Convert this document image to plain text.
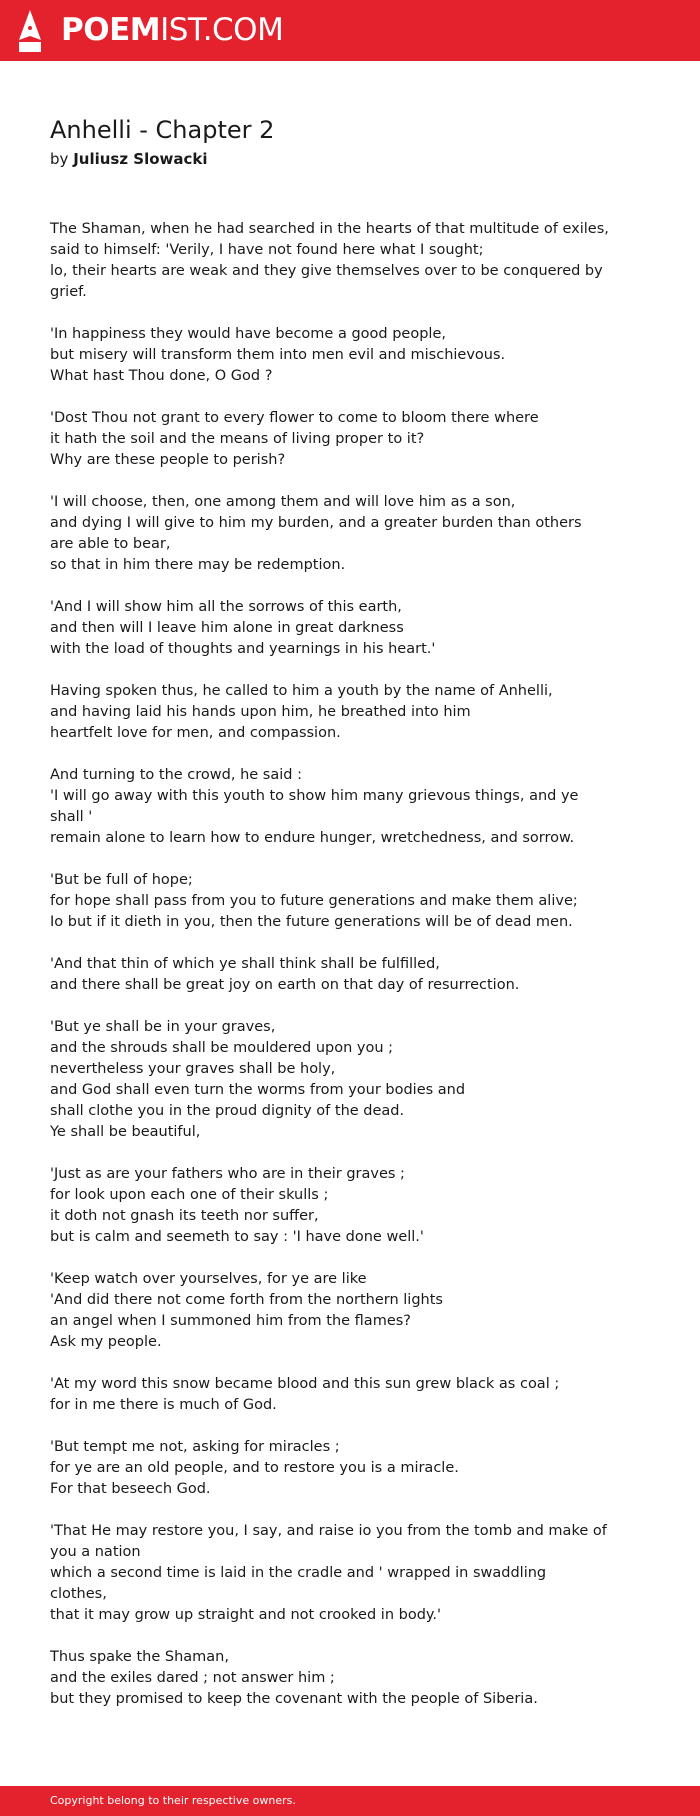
POEMIST.COM
Anhelli - Chapter 2
by Juliusz Slowacki
The Shaman, when he had searched in the hearts of that multitude of exiles,
said to himself: 'Verily, I have not found here what I sought;
lo, their hearts are weak and they give themselves over to be conquered by
grief.
'In happiness they would have become a good people,
but misery will transform them into men evil and mischievous.
What hast Thou done, O God ?
'Dost Thou not grant to every flower to come to bloom there where
it hath the soil and the means of living proper to it?
Why are these people to perish?
'I will choose, then, one among them and will love him as a son,
and dying I will give to him my burden, and a greater burden than others
are able to bear,
so that in him there may be redemption.
'And I will show him all the sorrows of this earth,
and then will I leave him alone in great darkness
with the load of thoughts and yearnings in his heart.'
Having spoken thus, he called to him a youth by the name of Anhelli,
and having laid his hands upon him, he breathed into him
heartfelt love for men, and compassion.
And turning to the crowd, he said :
'I will go away with this youth to show him many grievous things, and ye
shall '
remain alone to learn how to endure hunger, wretchedness, and sorrow.
'But be full of hope;
for hope shall pass from you to future generations and make them alive;
Io but if it dieth in you, then the future generations will be of dead men.
'And that thin of which ye shall think shall be fulfilled,
and there shall be great joy on earth on that day of resurrection.
'But ye shall be in your graves,
and the shrouds shall be mouldered upon you ;
nevertheless your graves shall be holy,
and God shall even turn the worms from your bodies and
shall clothe you in the proud dignity of the dead.
Ye shall be beautiful,
'Just as are your fathers who are in their graves ;
for look upon each one of their skulls ;
it doth not gnash its teeth nor suffer,
but is calm and seemeth to say : 'I have done well.'
'Keep watch over yourselves, for ye are like
'And did there not come forth from the northern lights
an angel when I summoned him from the flames?
Ask my people.
'At my word this snow became blood and this sun grew black as coal ;
for in me there is much of God.
'But tempt me not, asking for miracles ;
for ye are an old people, and to restore you is a miracle.
For that beseech God.
'That He may restore you, I say, and raise io you from the tomb and make of
you a nation
which a second time is laid in the cradle and ' wrapped in swaddling
clothes,
that it may grow up straight and not crooked in body.'
Thus spake the Shaman,
and the exiles dared ; not answer him ;
but they promised to keep the covenant with the people of Siberia.
Copyright belong to their respective owners.
